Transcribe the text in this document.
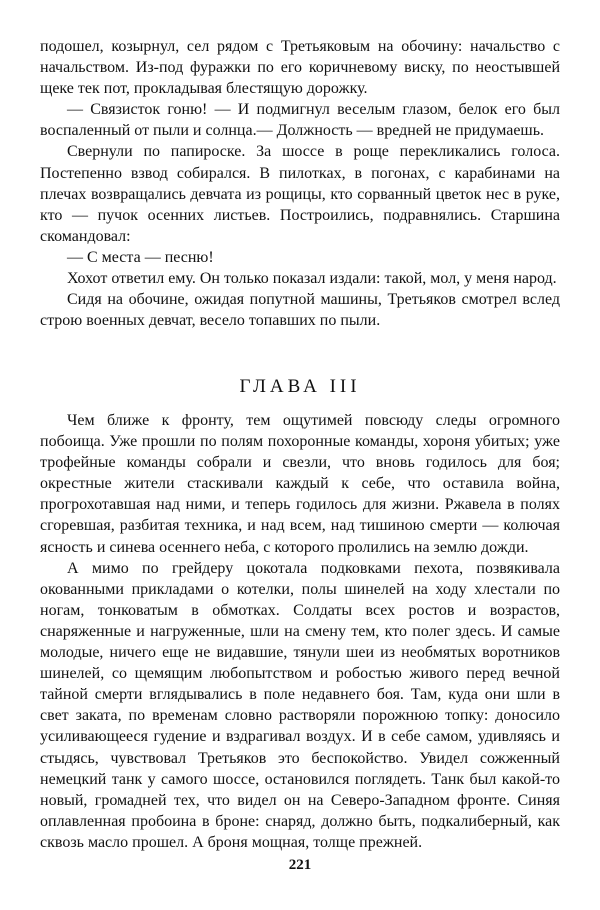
подошел, козырнул, сел рядом с Третьяковым на обочину: начальство с начальством. Из-под фуражки по его коричневому виску, по неостывшей щеке тек пот, прокладывая блестящую дорожку.

— Связисток гоню! — И подмигнул веселым глазом, белок его был воспаленный от пыли и солнца.— Должность — вредней не придумаешь.

Свернули по папироске. За шоссе в роще перекликались голоса. Постепенно взвод собирался. В пилотках, в погонах, с карабинами на плечах возвращались девчата из рощицы, кто сорванный цветок нес в руке, кто — пучок осенних листьев. Построились, подравнялись. Старшина скомандовал:

— С места — песню!

Хохот ответил ему. Он только показал издали: такой, мол, у меня народ.

Сидя на обочине, ожидая попутной машины, Третьяков смотрел вслед строю военных девчат, весело топавших по пыли.

ГЛАВА III

Чем ближе к фронту, тем ощутимей повсюду следы огромного побоища. Уже прошли по полям похоронные команды, хороня убитых; уже трофейные команды собрали и свезли, что вновь годилось для боя; окрестные жители стаскивали каждый к себе, что оставила война, прогрохотавшая над ними, и теперь годилось для жизни. Ржавела в полях сгоревшая, разбитая техника, и над всем, над тишиною смерти — колючая ясность и синева осеннего неба, с которого пролились на землю дожди.

А мимо по грейдеру цокотала подковками пехота, позвякивала окованными прикладами о котелки, полы шинелей на ходу хлестали по ногам, тонковатым в обмотках. Солдаты всех ростов и возрастов, снаряженные и нагруженные, шли на смену тем, кто полег здесь. И самые молодые, ничего еще не видавшие, тянули шеи из необмятых воротников шинелей, со щемящим любопытством и робостью живого перед вечной тайной смерти вглядывались в поле недавнего боя. Там, куда они шли в свет заката, по временам словно растворяли порожнюю топку: доносило усиливающееся гудение и вздрагивал воздух. И в себе самом, удивляясь и стыдясь, чувствовал Третьяков это беспокойство. Увидел сожженный немецкий танк у самого шоссе, остановился поглядеть. Танк был какой-то новый, громадней тех, что видел он на Северо-Западном фронте. Синяя оплавленная пробоина в броне: снаряд, должно быть, подкалиберный, как сквозь масло прошел. А броня мощная, толще прежней.

221
